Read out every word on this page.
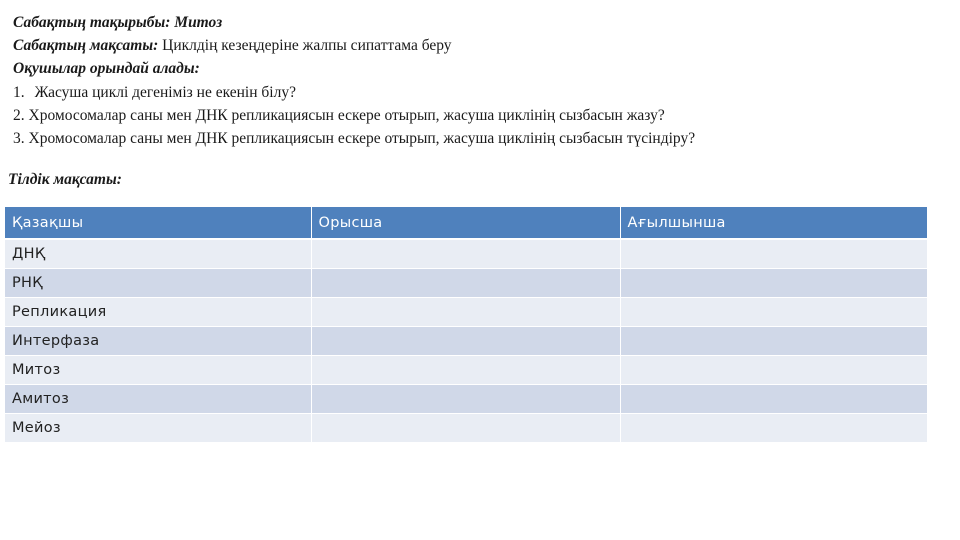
Сабақтың тақырыбы: Митоз
Сабақтың мақсаты: Циклдің кезеңдеріне жалпы сипаттама беру
Оқушылар орындай алады:
1. Жасуша циклі дегеніміз не екенін білу?
2. Хромосомалар саны мен ДНК репликациясын ескере отырып, жасуша циклінің сызбасын жазу?
3. Хромосомалар саны мен ДНК репликациясын ескере отырып, жасуша циклінің сызбасын түсіндіру?
Тілдік мақсаты:
Қазақшы	Орысша	Ағылшынша
ДНҚ		
РНҚ		
Репликация		
Интерфаза		
Митоз		
Амитоз		
Мейоз		
